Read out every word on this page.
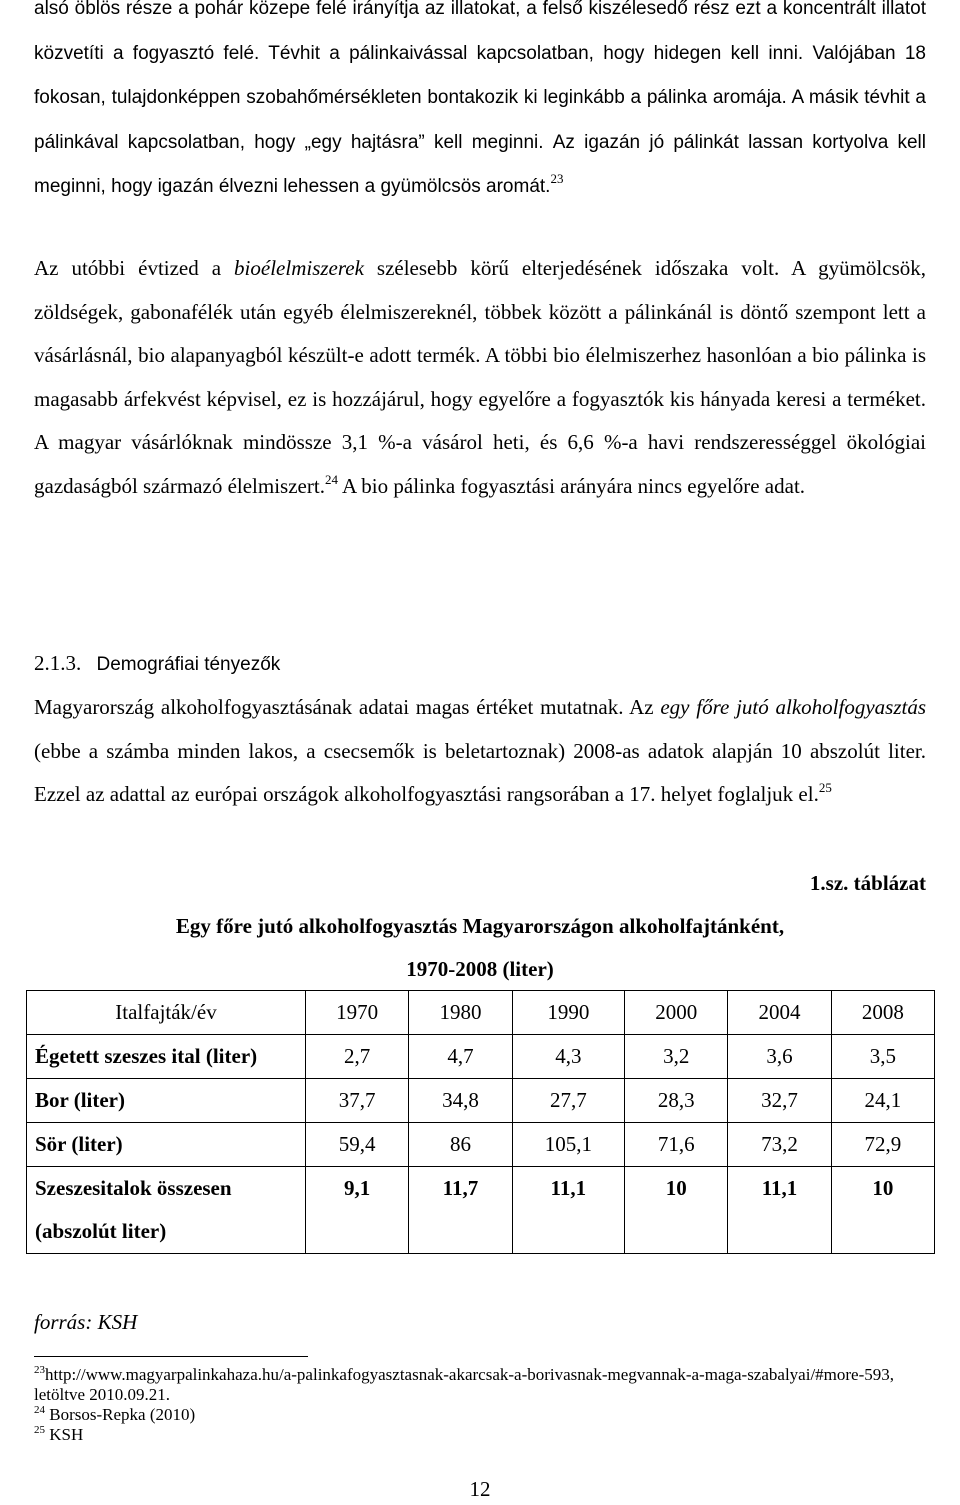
alsó öblös része a pohár közepe felé irányítja az illatokat, a felső kiszélesedő rész ezt a koncentrált illatot közvetíti a fogyasztó felé. Tévhit a pálinkaivással kapcsolatban, hogy hidegen kell inni. Valójában 18 fokosan, tulajdonképpen szobahőmérsékleten bontakozik ki leginkább a pálinka aromája. A másik tévhit a pálinkával kapcsolatban, hogy „egy hajtásra” kell meginni. Az igazán jó pálinkát lassan kortyolva kell meginni, hogy igazán élvezni lehessen a gyümölcsös aromát.$^{23}$

Az utóbbi évtized a bioélelmiszerek szélesebb körű elterjedésének időszaka volt. A gyümölcsök, zöldségek, gabonafélék után egyéb élelmiszereknél, többek között a pálinkánál is döntő szempont lett a vásárlásnál, bio alapanyagból készült-e adott termék. A többi bio élelmiszerhez hasonlóan a bio pálinka is magasabb árfekvést képvisel, ez is hozzájárul, hogy egyelőre a fogyasztók kis hányada keresi a terméket. A magyar vásárlóknak mindössze 3,1 %-a vásárol heti, és 6,6 %-a havi rendszerességgel ökológiai gazdaságból származó élelmiszert.$^{24}$ A bio pálinka fogyasztási arányára nincs egyelőre adat.

2.1.3. Demográfiai tényezők

Magyarország alkoholfogyasztásának adatai magas értéket mutatnak. Az egy főre jutó alkoholfogyasztás (ebbe a számba minden lakos, a csecsemők is beletartoznak) 2008-as adatok alapján 10 abszolút liter. Ezzel az adattal az európai országok alkoholfogyasztási rangsorában a 17. helyet foglaljuk el.$^{25}$

1.sz. táblázat
Egy főre jutó alkoholfogyasztás Magyarországon alkoholfajtánként,
1970-2008 (liter)
Italfajták/év	1970	1980	1990	2000	2004	2008
Égetett szeszes ital (liter)	2,7	4,7	4,3	3,2	3,6	3,5
Bor (liter)	37,7	34,8	27,7	28,3	32,7	24,1
Sör (liter)	59,4	86	105,1	71,6	73,2	72,9
Szeszesitalok összesen (abszolút liter)	9,1	11,7	11,1	10	11,1	10
forrás: KSH
$^{23}$http://www.magyarpalinkahaza.hu/a-palinkafogyasztasnak-akarcsak-a-borivasnak-megvannak-a-maga-szabalyai/#more-593, letöltve 2010.09.21.
$^{24}$ Borsos-Repka (2010)
$^{25}$ KSH
12
